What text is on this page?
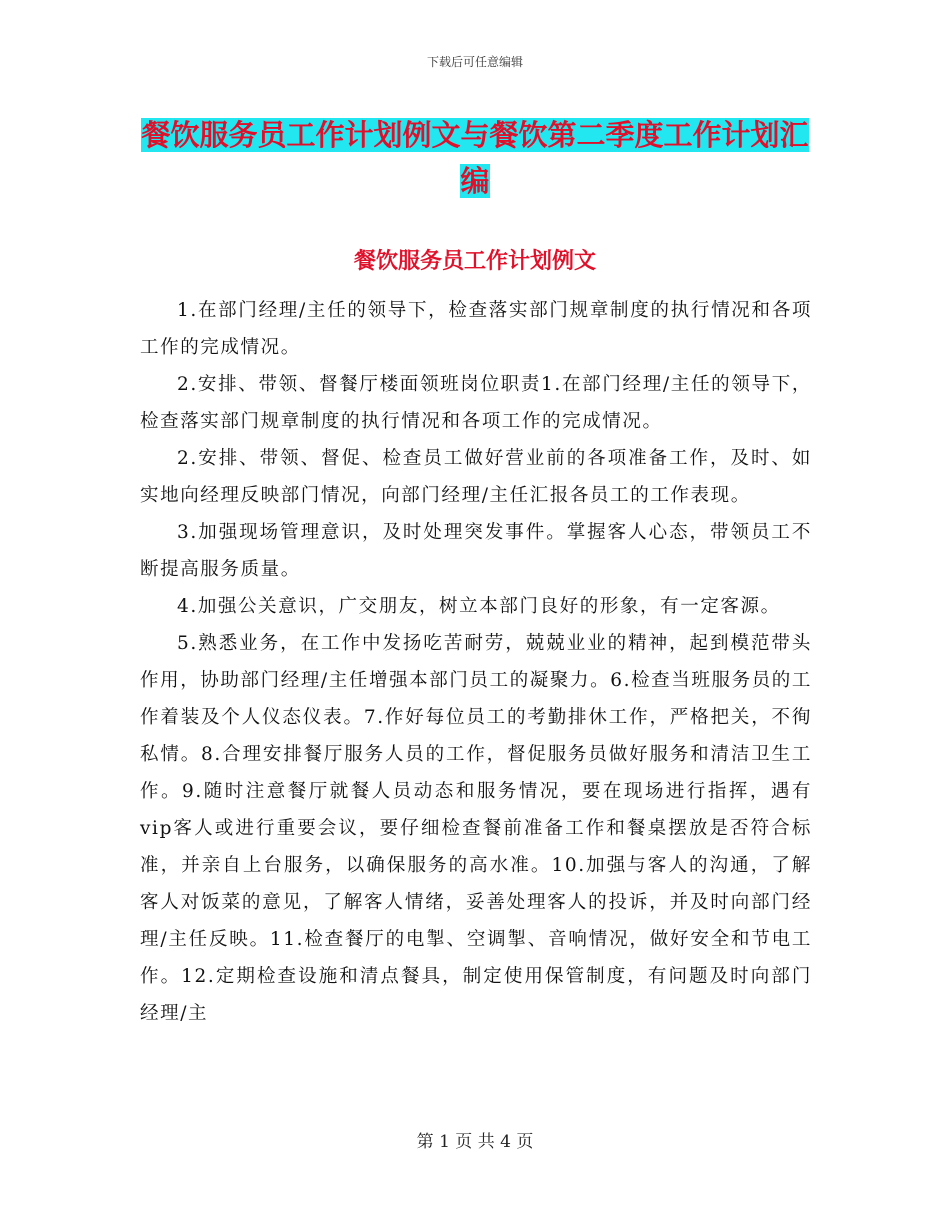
下载后可任意编辑
餐饮服务员工作计划例文与餐饮第二季度工作计划汇编
餐饮服务员工作计划例文

1.在部门经理/主任的领导下，检查落实部门规章制度的执行情况和各项工作的完成情况。

2.安排、带领、督餐厅楼面领班岗位职责1.在部门经理/主任的领导下，检查落实部门规章制度的执行情况和各项工作的完成情况。

2.安排、带领、督促、检查员工做好营业前的各项准备工作，及时、如实地向经理反映部门情况，向部门经理/主任汇报各员工的工作表现。

3.加强现场管理意识，及时处理突发事件。掌握客人心态，带领员工不断提高服务质量。

4.加强公关意识，广交朋友，树立本部门良好的形象，有一定客源。

5.熟悉业务，在工作中发扬吃苦耐劳，兢兢业业的精神，起到模范带头作用，协助部门经理/主任增强本部门员工的凝聚力。6.检查当班服务员的工作着装及个人仪态仪表。7.作好每位员工的考勤排休工作，严格把关，不徇私情。8.合理安排餐厅服务人员的工作，督促服务员做好服务和清洁卫生工作。9.随时注意餐厅就餐人员动态和服务情况，要在现场进行指挥，遇有vip客人或进行重要会议，要仔细检查餐前准备工作和餐桌摆放是否符合标准，并亲自上台服务，以确保服务的高水准。10.加强与客人的沟通，了解客人对饭菜的意见，了解客人情绪，妥善处理客人的投诉，并及时向部门经理/主任反映。11.检查餐厅的电掣、空调掣、音响情况，做好安全和节电工作。12.定期检查设施和清点餐具，制定使用保管制度，有问题及时向部门经理/主

第 1 页 共 4 页
